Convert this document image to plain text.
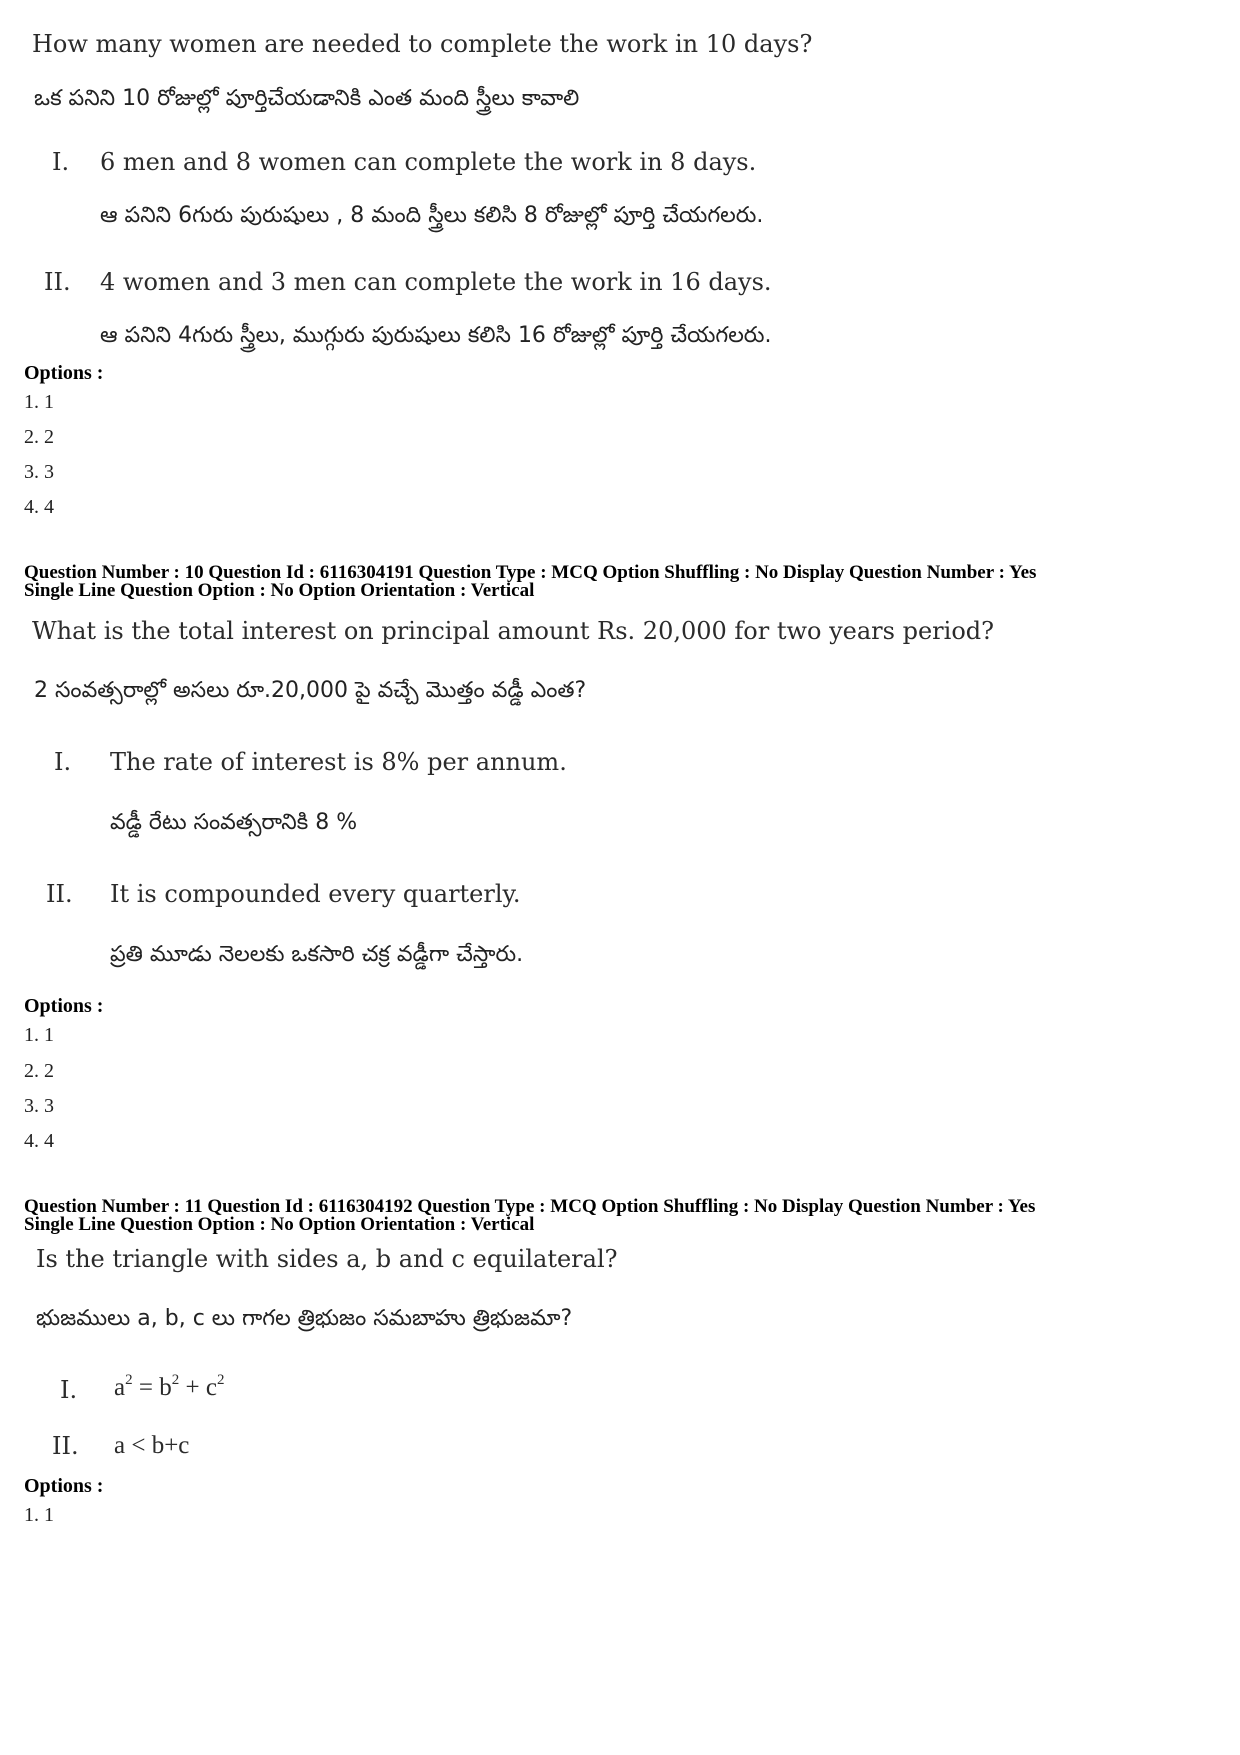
How many women are needed to complete the work in 10 days?
ఒక పనిని 10 రోజుల్లో పూర్తిచేయడానికి ఎంత మంది స్త్రీలు కావాలి
I. 6 men and 8 women can complete the work in 8 days.
ఆ పనిని 6గురు పురుషులు , 8 మంది స్త్రీలు కలిసి 8 రోజుల్లో పూర్తి చేయగలరు.
II. 4 women and 3 men can complete the work in 16 days.
ఆ పనిని 4గురు స్త్రీలు, ముగ్గురు పురుషులు కలిసి 16 రోజుల్లో పూర్తి చేయగలరు.
Options :
1. 1
2. 2
3. 3
4. 4
Question Number : 10 Question Id : 6116304191 Question Type : MCQ Option Shuffling : No Display Question Number : Yes
Single Line Question Option : No Option Orientation : Vertical
What is the total interest on principal amount Rs. 20,000 for two years period?
2 సంవత్సరాల్లో అసలు రూ.20,000 పై వచ్చే మొత్తం వడ్డీ ఎంత?
I. The rate of interest is 8% per annum.
వడ్డీ రేటు సంవత్సరానికి 8 %
II. It is compounded every quarterly.
ప్రతి మూడు నెలలకు ఒకసారి చక్ర వడ్డీగా చేస్తారు.
Options :
1. 1
2. 2
3. 3
4. 4
Question Number : 11 Question Id : 6116304192 Question Type : MCQ Option Shuffling : No Display Question Number : Yes
Single Line Question Option : No Option Orientation : Vertical
Is the triangle with sides a, b and c equilateral?
భుజములు a, b, c లు గాగల త్రిభుజం సమబాహు త్రిభుజమా?
I. $a^2 = b^2 + c^2$
II. a < b+c
Options :
1. 1
